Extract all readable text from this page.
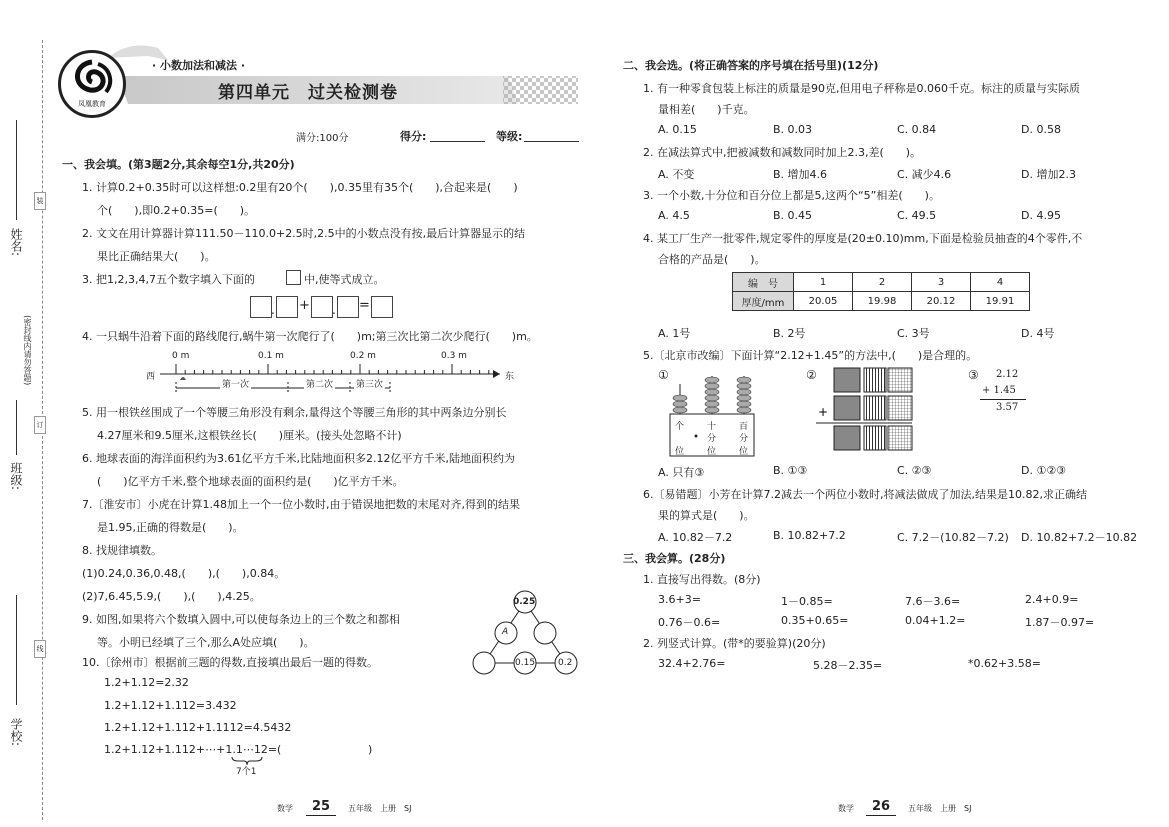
姓名:
(密封线内请勿答题)
班级:
学校:
装
订
线
凤凰教育
· 小数加法和减法 ·
第四单元　过关检测卷
满分:100分	得分:	等级:
一、我会填。(第3题2分,其余每空1分,共20分)
1. 计算0.2+0.35时可以这样想:0.2里有20个(　　),0.35里有35个(　　),合起来是(　　)
个(　　),即0.2+0.35=(　　)。
2. 文文在用计算器计算111.50－110.0+2.5时,2.5中的小数点没有按,最后计算器显示的结
果比正确结果大(　　)。
3. 把1,2,3,4,7五个数字填入下面的	中,使等式成立。
. + . =
4. 一只蜗牛沿着下面的路线爬行,蜗牛第一次爬行了(　　)m;第三次比第二次少爬行(　　)m。
0 m	0.1 m	0.2 m	0.3 m
西	东
第一次	第二次	第三次
5. 用一根铁丝围成了一个等腰三角形没有剩余,量得这个等腰三角形的其中两条边分别长
4.27厘米和9.5厘米,这根铁丝长(　　)厘米。(接头处忽略不计)
6. 地球表面的海洋面积约为3.61亿平方千米,比陆地面积多2.12亿平方千米,陆地面积约为
(　　)亿平方千米,整个地球表面的面积约是(　　)亿平方千米。
7.〔淮安市〕小虎在计算1.48加上一个一位小数时,由于错误地把数的末尾对齐,得到的结果
是1.95,正确的得数是(　　)。
8. 找规律填数。
(1)0.24,0.36,0.48,(　　),(　　),0.84。
(2)7,6.45,5.9,(　　),(　　),4.25。
9. 如图,如果将六个数填入圆中,可以使每条边上的三个数之和都相
等。小明已经填了三个,那么A处应填(　　)。
0.25
A
0.15	0.2
10.〔徐州市〕根据前三题的得数,直接填出最后一题的得数。
1.2+1.12=2.32
1.2+1.12+1.112=3.432
1.2+1.12+1.112+1.1112=4.5432
1.2+1.12+1.112+⋯+1.1⋯12=(	)
7个1
数学	25	五年级　上册　SJ
二、我会选。(将正确答案的序号填在括号里)(12分)
1. 有一种零食包装上标注的质量是90克,但用电子秤称是0.060千克。标注的质量与实际质
量相差(　　)千克。
A. 0.15	B. 0.03	C. 0.84	D. 0.58
2. 在减法算式中,把被减数和减数同时加上2.3,差(　　)。
A. 不变	B. 增加4.6	C. 减少4.6	D. 增加2.3
3. 一个小数,十分位和百分位上都是5,这两个“5”相差(　　)。
A. 4.5	B. 0.45	C. 49.5	D. 4.95
4. 某工厂生产一批零件,规定零件的厚度是(20±0.10)mm,下面是检验员抽查的4个零件,不
合格的产品是(　　)。
编　号	1	2	3	4
厚度/mm	20.05	19.98	20.12	19.91
A. 1号	B. 2号	C. 3号	D. 4号
5.〔北京市改编〕下面计算“2.12+1.45”的方法中,(　　)是合理的。
①	②	③
个	十	百
位
分	分
位	位
+
2.12
+ 1.45
3.57
A. 只有③	B. ①③	C. ②③	D. ①②③
6.〔易错题〕小芳在计算7.2减去一个两位小数时,将减法做成了加法,结果是10.82,求正确结
果的算式是(　　)。
A. 10.82－7.2	B. 10.82+7.2	C. 7.2－(10.82－7.2) D. 10.82+7.2－10.82
三、我会算。(28分)
1. 直接写出得数。(8分)
3.6+3=	1－0.85=	7.6－3.6=	2.4+0.9=
0.76－0.6=	0.35+0.65=	0.04+1.2=	1.87－0.97=
2. 列竖式计算。(带*的要验算)(20分)
32.4+2.76=	5.28－2.35=	*0.62+3.58=
数学	26	五年级　上册　SJ
